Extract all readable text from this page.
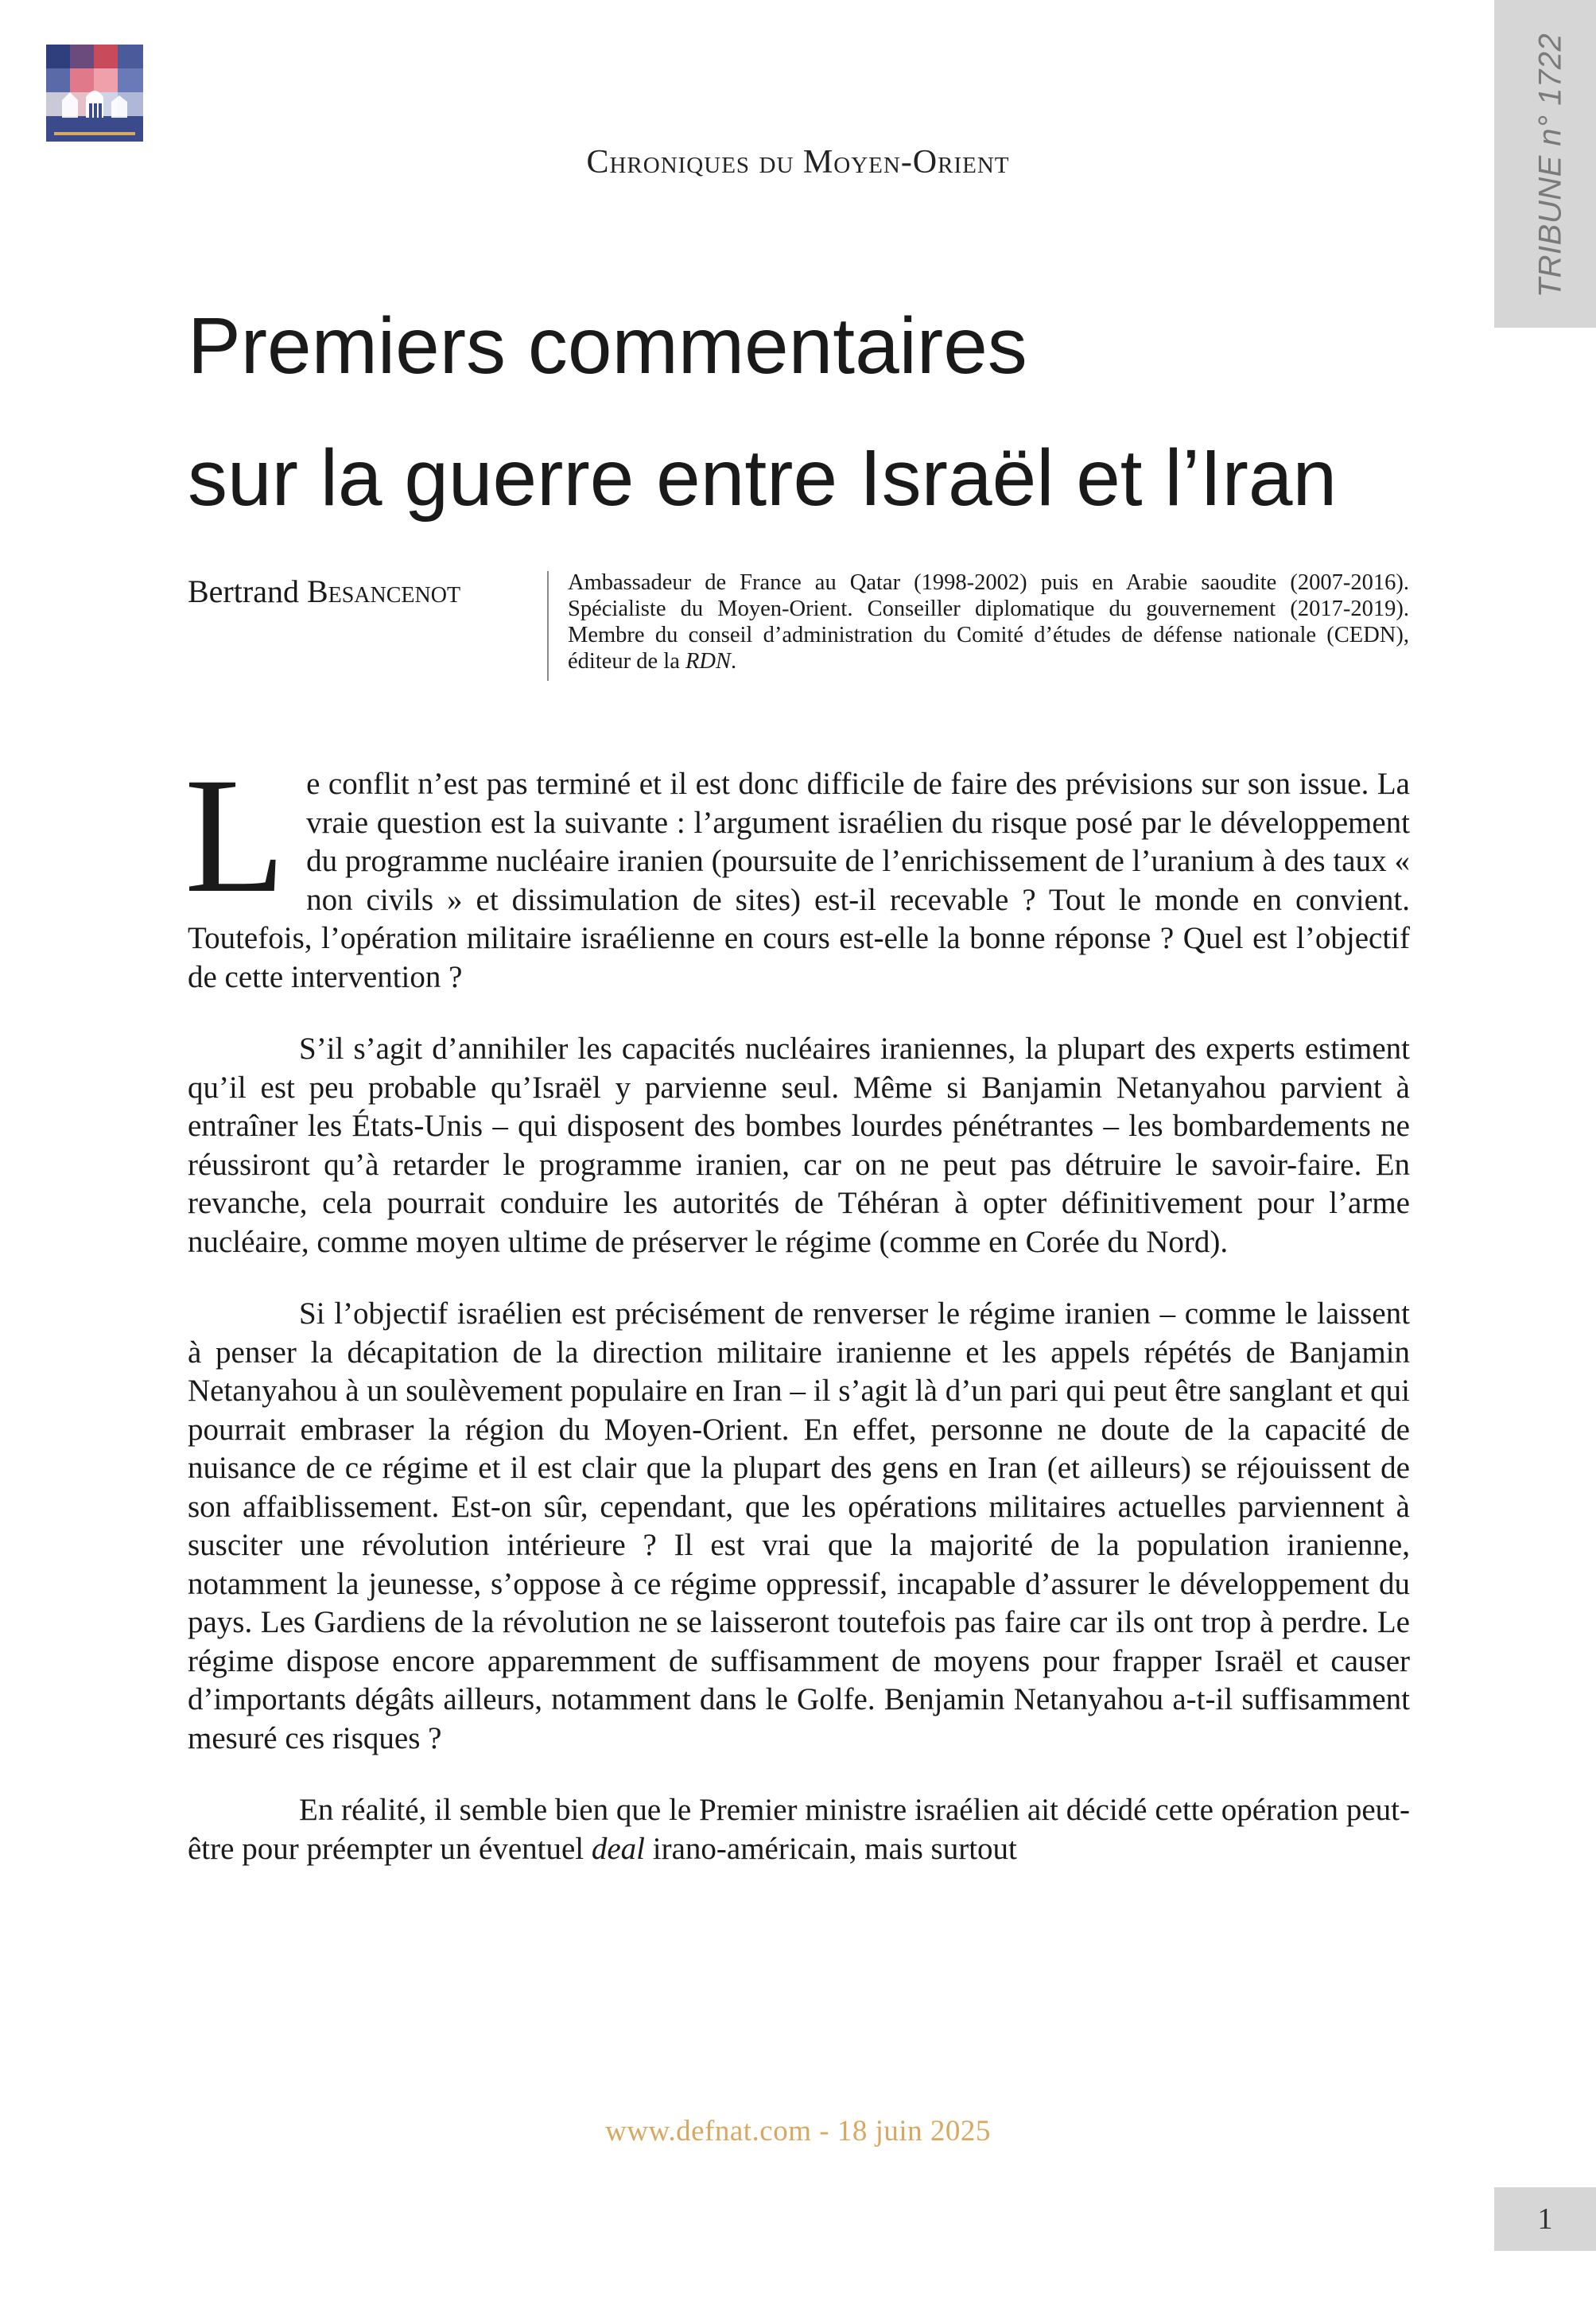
TRIBUNE n° 1722
Chroniques du Moyen-Orient
Premiers commentaires
sur la guerre entre Israël et l’Iran
Bertrand Besancenot	Ambassadeur de France au Qatar (1998-2002) puis en Arabie saoudite (2007-2016). Spécialiste du Moyen-Orient. Conseiller diplomatique du gouvernement (2017-2019). Membre du conseil d’administration du Comité d’études de défense nationale (CEDN), éditeur de la RDN.

Le conflit n’est pas terminé et il est donc difficile de faire des prévisions sur son issue. La vraie question est la suivante : l’argument israélien du risque posé par le développement du programme nucléaire iranien (poursuite de l’enrichissement de l’uranium à des taux « non civils » et dissimulation de sites) est-il recevable ? Tout le monde en convient. Toutefois, l’opération militaire israélienne en cours est-elle la bonne réponse ? Quel est l’objectif de cette intervention ?

S’il s’agit d’annihiler les capacités nucléaires iraniennes, la plupart des experts estiment qu’il est peu probable qu’Israël y parvienne seul. Même si Banjamin Netanyahou parvient à entraîner les États-Unis – qui disposent des bombes lourdes pénétrantes – les bombardements ne réussiront qu’à retarder le programme iranien, car on ne peut pas détruire le savoir-faire. En revanche, cela pourrait conduire les autorités de Téhéran à opter définitivement pour l’arme nucléaire, comme moyen ultime de préserver le régime (comme en Corée du Nord).

Si l’objectif israélien est précisément de renverser le régime iranien – comme le laissent à penser la décapitation de la direction militaire iranienne et les appels répétés de Banjamin Netanyahou à un soulèvement populaire en Iran – il s’agit là d’un pari qui peut être sanglant et qui pourrait embraser la région du Moyen-Orient. En effet, personne ne doute de la capacité de nuisance de ce régime et il est clair que la plupart des gens en Iran (et ailleurs) se réjouissent de son affaiblissement. Est-on sûr, cependant, que les opérations militaires actuelles parviennent à susciter une révolution intérieure ? Il est vrai que la majorité de la population iranienne, notamment la jeunesse, s’oppose à ce régime oppressif, incapable d’assurer le développement du pays. Les Gardiens de la révolution ne se laisseront toutefois pas faire car ils ont trop à perdre. Le régime dispose encore apparemment de suffisamment de moyens pour frapper Israël et causer d’importants dégâts ailleurs, notamment dans le Golfe. Benjamin Netanyahou a-t-il suffisamment mesuré ces risques ?

En réalité, il semble bien que le Premier ministre israélien ait décidé cette opération peut-être pour préempter un éventuel deal irano-américain, mais surtout

www.defnat.com - 18 juin 2025
1
